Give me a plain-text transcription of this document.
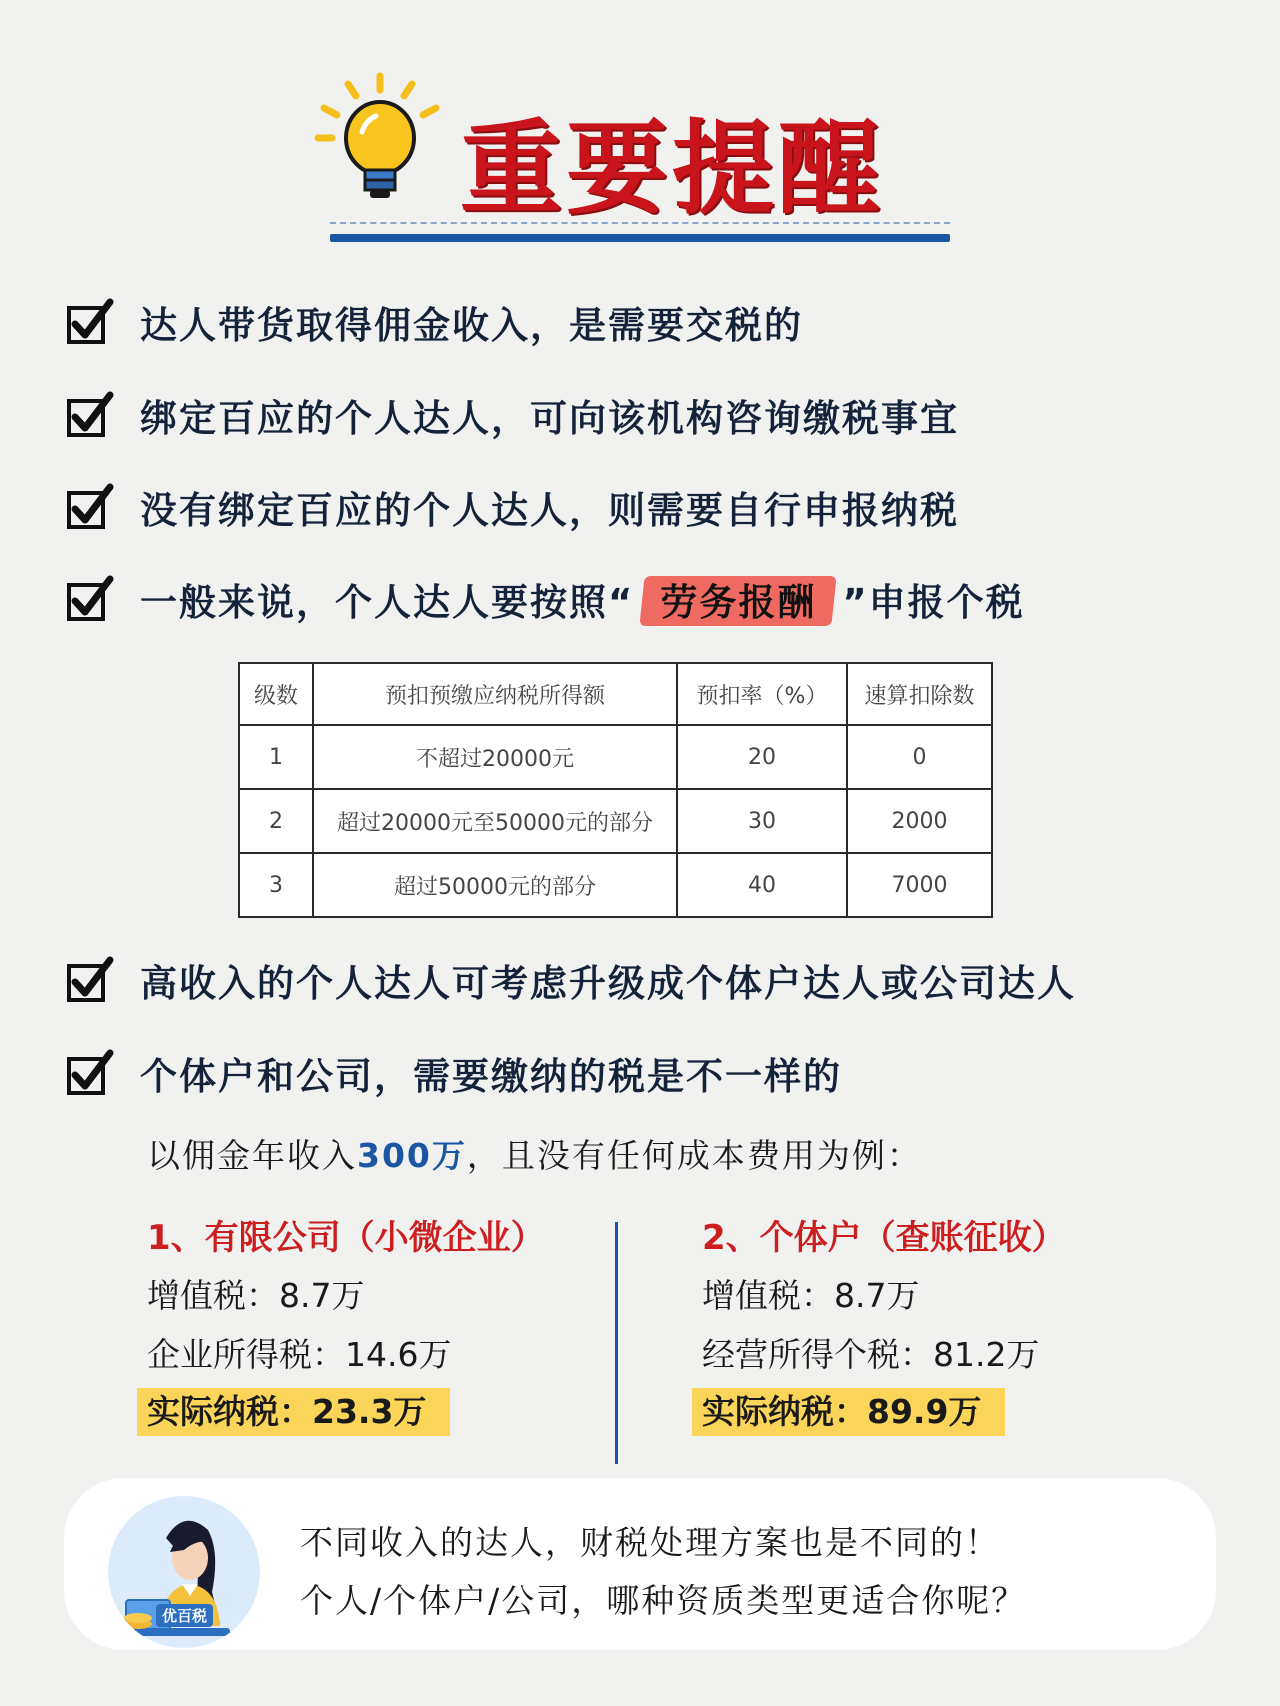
重要提醒
达人带货取得佣金收入，是需要交税的
绑定百应的个人达人，可向该机构咨询缴税事宜
没有绑定百应的个人达人，则需要自行申报纳税
一般来说，个人达人要按照“ 劳务报酬 ”申报个税
级数	预扣预缴应纳税所得额	预扣率（%）	速算扣除数
1	不超过20000元	20	0
2	超过20000元至50000元的部分	30	2000
3	超过50000元的部分	40	7000
高收入的个人达人可考虑升级成个体户达人或公司达人
个体户和公司，需要缴纳的税是不一样的
以佣金年收入300万，且没有任何成本费用为例：
1、有限公司（小微企业）
增值税：8.7万
企业所得税：14.6万
实际纳税：23.3万
2、个体户（查账征收）
增值税：8.7万
经营所得个税：81.2万
实际纳税：89.9万
优百税
不同收入的达人，财税处理方案也是不同的！
个人/个体户/公司，哪种资质类型更适合你呢？
